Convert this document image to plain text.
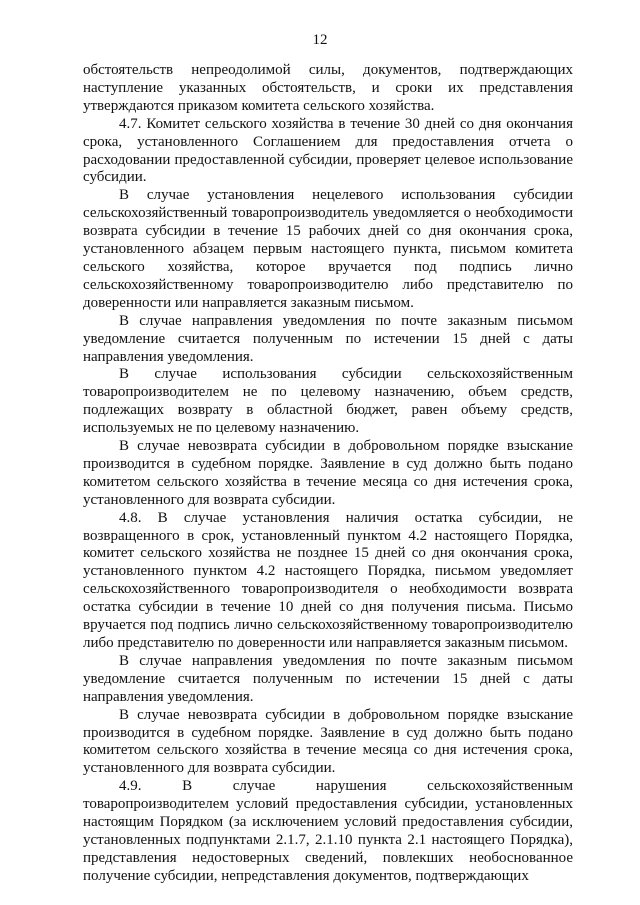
12

обстоятельств непреодолимой силы, документов, подтверждающих наступление указанных обстоятельств, и сроки их представления утверждаются приказом комитета сельского хозяйства.

4.7. Комитет сельского хозяйства в течение 30 дней со дня окончания срока, установленного Соглашением для предоставления отчета о расходовании предоставленной субсидии, проверяет целевое использование субсидии.

В случае установления нецелевого использования субсидии сельскохозяйственный товаропроизводитель уведомляется о необходимости возврата субсидии в течение 15 рабочих дней со дня окончания срока, установленного абзацем первым настоящего пункта, письмом комитета сельского хозяйства, которое вручается под подпись лично сельскохозяйственному товаропроизводителю либо представителю по доверенности или направляется заказным письмом.

В случае направления уведомления по почте заказным письмом уведомление считается полученным по истечении 15 дней с даты направления уведомления.

В случае использования субсидии сельскохозяйственным товаропроизводителем не по целевому назначению, объем средств, подлежащих возврату в областной бюджет, равен объему средств, используемых не по целевому назначению.

В случае невозврата субсидии в добровольном порядке взыскание производится в судебном порядке. Заявление в суд должно быть подано комитетом сельского хозяйства в течение месяца со дня истечения срока, установленного для возврата субсидии.

4.8. В случае установления наличия остатка субсидии, не возвращенного в срок, установленный пунктом 4.2 настоящего Порядка, комитет сельского хозяйства не позднее 15 дней со дня окончания срока, установленного пунктом 4.2 настоящего Порядка, письмом уведомляет сельскохозяйственного товаропроизводителя о необходимости возврата остатка субсидии в течение 10 дней со дня получения письма. Письмо вручается под подпись лично сельскохозяйственному товаропроизводителю либо представителю по доверенности или направляется заказным письмом.

В случае направления уведомления по почте заказным письмом уведомление считается полученным по истечении 15 дней с даты направления уведомления.

В случае невозврата субсидии в добровольном порядке взыскание производится в судебном порядке. Заявление в суд должно быть подано комитетом сельского хозяйства в течение месяца со дня истечения срока, установленного для возврата субсидии.

4.9. В случае нарушения сельскохозяйственным товаропроизводителем условий предоставления субсидии, установленных настоящим Порядком (за исключением условий предоставления субсидии, установленных подпунктами 2.1.7, 2.1.10 пункта 2.1 настоящего Порядка), представления недостоверных сведений, повлекших необоснованное получение субсидии, непредставления документов, подтверждающих
